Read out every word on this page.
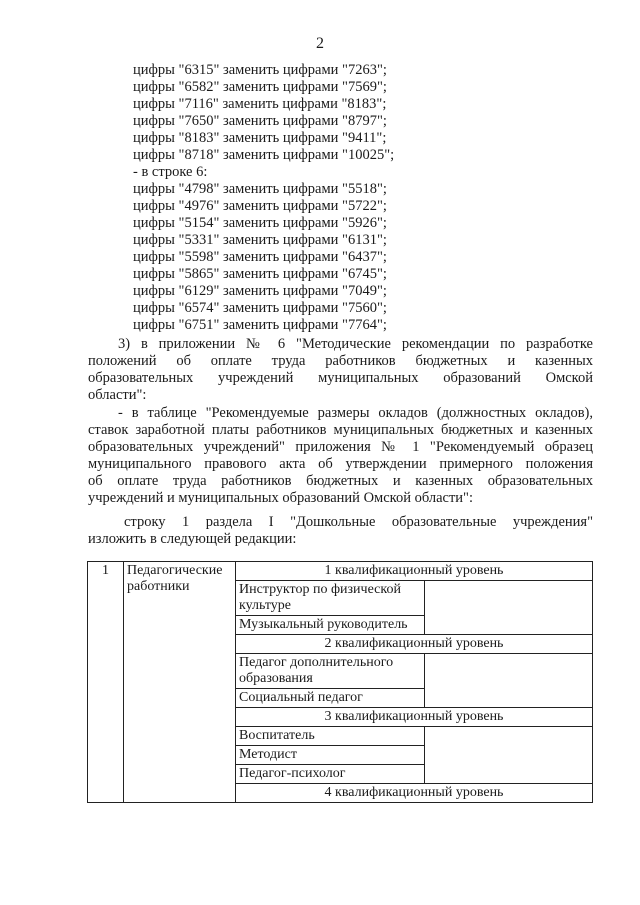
2
цифры "6315" заменить цифрами "7263";
цифры "6582" заменить цифрами "7569";
цифры "7116" заменить цифрами "8183";
цифры "7650" заменить цифрами "8797";
цифры "8183" заменить цифрами "9411";
цифры "8718" заменить цифрами "10025";
- в строке 6:
цифры "4798" заменить цифрами "5518";
цифры "4976" заменить цифрами "5722";
цифры "5154" заменить цифрами "5926";
цифры "5331" заменить цифрами "6131";
цифры "5598" заменить цифрами "6437";
цифры "5865" заменить цифрами "6745";
цифры "6129" заменить цифрами "7049";
цифры "6574" заменить цифрами "7560";
цифры "6751" заменить цифрами "7764";
3) в приложении № 6 "Методические рекомендации по разработке
положений об оплате труда работников бюджетных и казенных
образовательных учреждений муниципальных образований Омской
области":
- в таблице "Рекомендуемые размеры окладов (должностных окладов),
ставок заработной платы работников муниципальных бюджетных и казенных
образовательных учреждений" приложения № 1 "Рекомендуемый образец
муниципального правового акта об утверждении примерного положения
об оплате труда работников бюджетных и казенных образовательных
учреждений и муниципальных образований Омской области":
строку 1 раздела I "Дошкольные образовательные учреждения"
изложить в следующей редакции:
1	Педагогические работники	1 квалификационный уровень	
		Инструктор по физической культуре	
		Музыкальный руководитель	
		2 квалификационный уровень	
		Педагог дополнительного образования	
		Социальный педагог	
		3 квалификационный уровень	
		Воспитатель	
		Методист	
		Педагог-психолог	
		4 квалификационный уровень	
